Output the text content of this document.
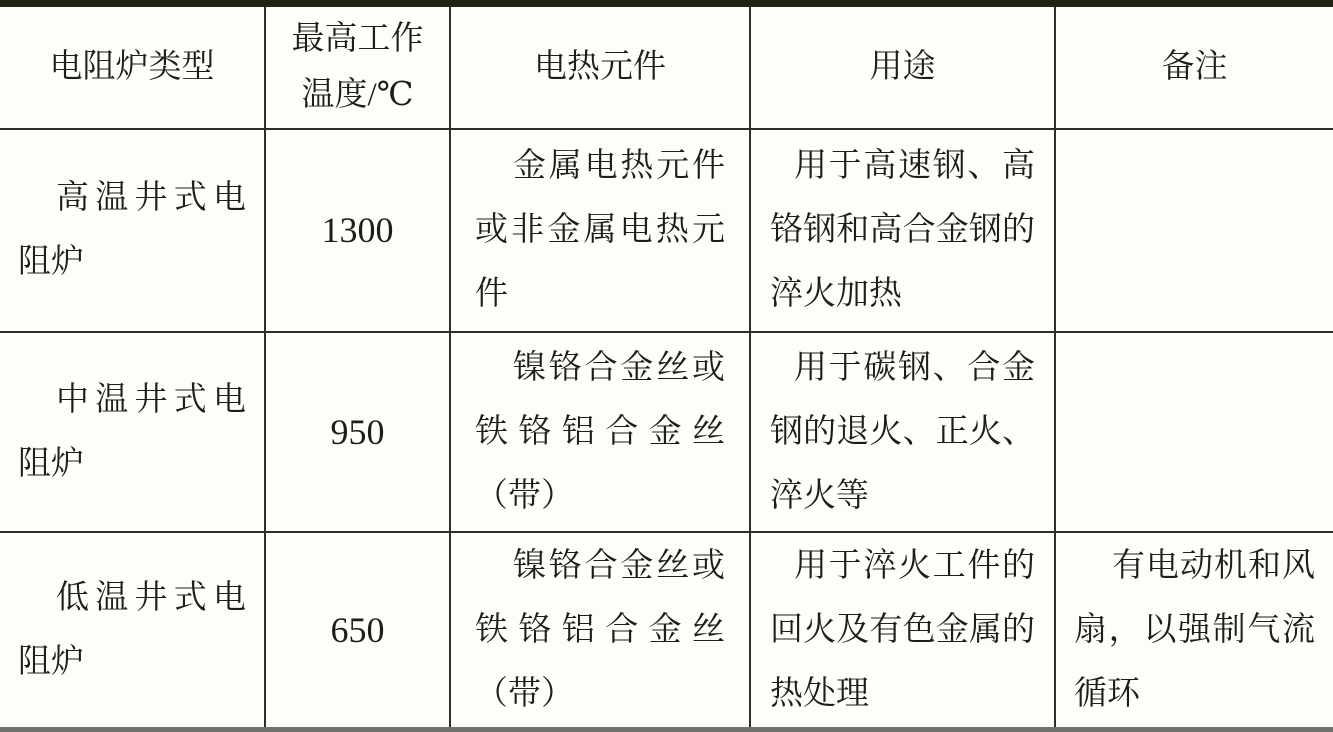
电阻炉类型	最高工作温度/℃	电热元件	用途	备注

高温井式电阻炉	1300	金属电热元件或非金属电热元件	用于高速钢、高铬钢和高合金钢的淬火加热	

中温井式电阻炉	950	镍铬合金丝或铁铬铝合金丝（带）	用于碳钢、合金钢的退火、正火、淬火等	

低温井式电阻炉	650	镍铬合金丝或铁铬铝合金丝（带）	用于淬火工件的回火及有色金属的热处理	有电动机和风扇，以强制气流循环
